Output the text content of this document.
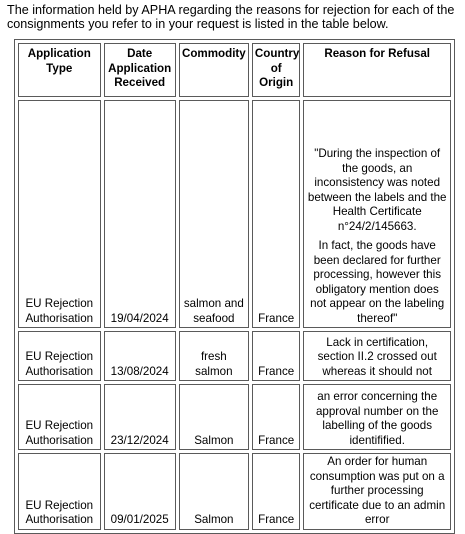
The information held by APHA regarding the reasons for rejection for each of the consignments you refer to in your request is listed in the table below.

Application Type	Date Application Received	Commodity	Country of Origin	Reason for Refusal
EU Rejection Authorisation	19/04/2024	salmon and seafood	France	"During the inspection of the goods, an inconsistency was noted between the labels and the Health Certificate n°24/2/145663.

In fact, the goods have been declared for further processing, however this obligatory mention does not appear on the labeling thereof"

EU Rejection Authorisation	13/08/2024	fresh salmon	France	Lack in certification, section II.2 crossed out whereas it should not

EU Rejection Authorisation	23/12/2024	Salmon	France	an error concerning the approval number on the labelling of the goods identifified.

EU Rejection Authorisation	09/01/2025	Salmon	France	An order for human consumption was put on a further processing certificate due to an admin error
